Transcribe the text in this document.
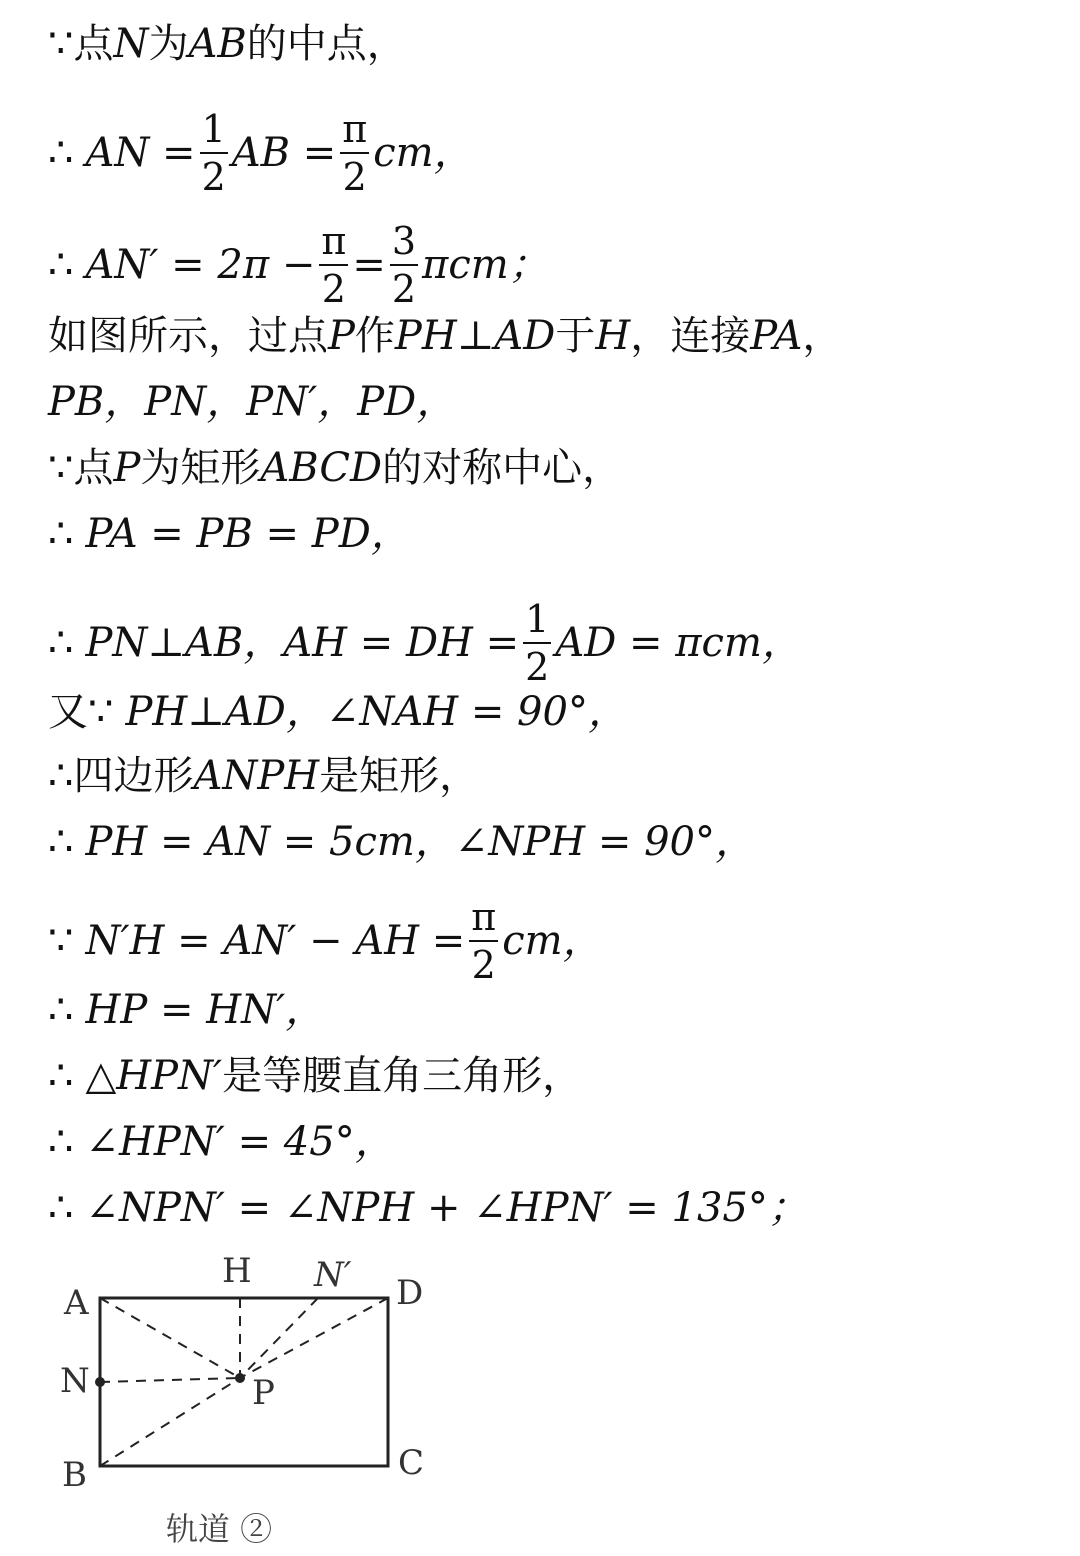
∵ 点 N 为 AB 的中点，
∴ AN = $\frac{1}{2}$ AB = $\frac{\pi}{2}$ cm，
∴ $AN' = 2\pi - \frac{\pi}{2} = \frac{3}{2}$ πcm；
如图所示，过点 P 作 PH ⊥ AD 于 H ，连接 PA ，
PB，PN，PN′，PD，
∵ 点 P 为矩形 ABCD 的对称中心，
∴ PA = PB = PD，
∴ PN⊥AB，AH = DH = $\frac{1}{2}$ AD = πcm，
又 ∵ PH⊥AD，∠NAH = 90°，
∴ 四边形 ANPH 是矩形，
∴ PH = AN = 5cm，∠NPH = 90°，
∵ N′H = AN′ − AH = $\frac{\pi}{2}$ cm，
∴ HP = HN′，
∴ △ HPN′ 是等腰直角三角形，
∴ ∠HPN′ = 45°，
∴ ∠NPN′ = ∠NPH + ∠HPN′ = 135°；
A
N
B	C
D
H N′
P
轨道 ②
